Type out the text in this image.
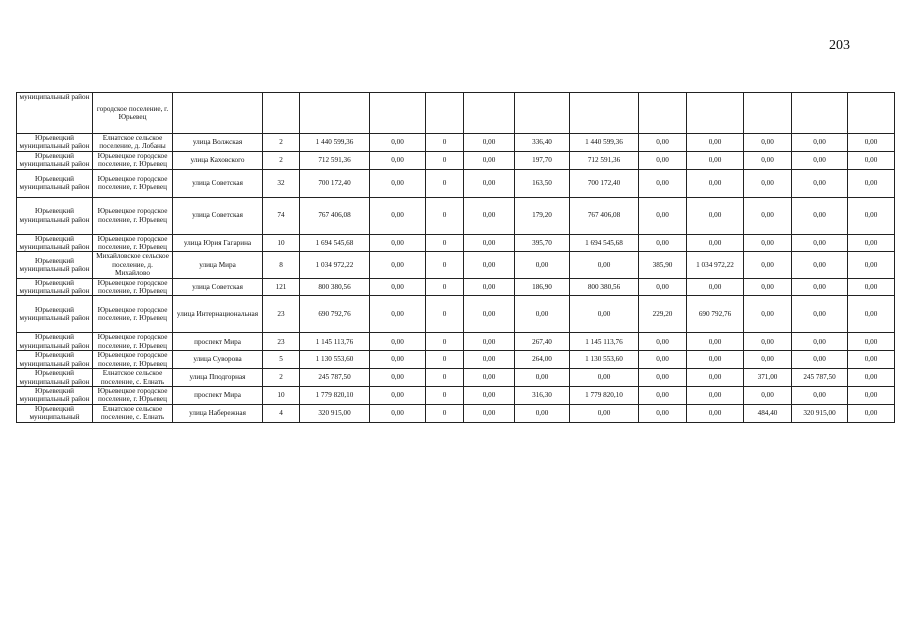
203
муниципальный район	городское поселение, г. Юрьевец													
Юрьевецкий муниципальный район	Елнатское сельское поселение, д. Лобаны	улица Волжская	2	1 440 599,36	0,00	0	0,00	336,40	1 440 599,36	0,00	0,00	0,00	0,00	0,00
Юрьевецкий муниципальный район	Юрьевецкое городское поселение, г. Юрьевец	улица Каховского	2	712 591,36	0,00	0	0,00	197,70	712 591,36	0,00	0,00	0,00	0,00	0,00
Юрьевецкий муниципальный район	Юрьевецкое городское поселение, г. Юрьевец	улица Советская	32	700 172,40	0,00	0	0,00	163,50	700 172,40	0,00	0,00	0,00	0,00	0,00
Юрьевецкий муниципальный район	Юрьевецкое городское поселение, г. Юрьевец	улица Советская	74	767 406,08	0,00	0	0,00	179,20	767 406,08	0,00	0,00	0,00	0,00	0,00
Юрьевецкий муниципальный район	Юрьевецкое городское поселение, г. Юрьевец	улица Юрия Гагарина	10	1 694 545,68	0,00	0	0,00	395,70	1 694 545,68	0,00	0,00	0,00	0,00	0,00
Юрьевецкий муниципальный район	Михайловское сельское поселение, д. Михайлово	улица Мира	8	1 034 972,22	0,00	0	0,00	0,00	0,00	385,90	1 034 972,22	0,00	0,00	0,00
Юрьевецкий муниципальный район	Юрьевецкое городское поселение, г. Юрьевец	улица Советская	121	800 380,56	0,00	0	0,00	186,90	800 380,56	0,00	0,00	0,00	0,00	0,00
Юрьевецкий муниципальный район	Юрьевецкое городское поселение, г. Юрьевец	улица Интернациональная	23	690 792,76	0,00	0	0,00	0,00	0,00	229,20	690 792,76	0,00	0,00	0,00
Юрьевецкий муниципальный район	Юрьевецкое городское поселение, г. Юрьевец	проспект Мира	23	1 145 113,76	0,00	0	0,00	267,40	1 145 113,76	0,00	0,00	0,00	0,00	0,00
Юрьевецкий муниципальный район	Юрьевецкое городское поселение, г. Юрьевец	улица Суворова	5	1 130 553,60	0,00	0	0,00	264,00	1 130 553,60	0,00	0,00	0,00	0,00	0,00
Юрьевецкий муниципальный район	Елнатское сельское поселение, с. Елнать	улица Пподгорная	2	245 787,50	0,00	0	0,00	0,00	0,00	0,00	0,00	371,00	245 787,50	0,00
Юрьевецкий муниципальный район	Юрьевецкое городское поселение, г. Юрьевец	проспект Мира	10	1 779 820,10	0,00	0	0,00	316,30	1 779 820,10	0,00	0,00	0,00	0,00	0,00
Юрьевецкий муниципальный	Елнатское сельское поселение, с. Елнать	улица Набережная	4	320 915,00	0,00	0	0,00	0,00	0,00	0,00	0,00	484,40	320 915,00	0,00
